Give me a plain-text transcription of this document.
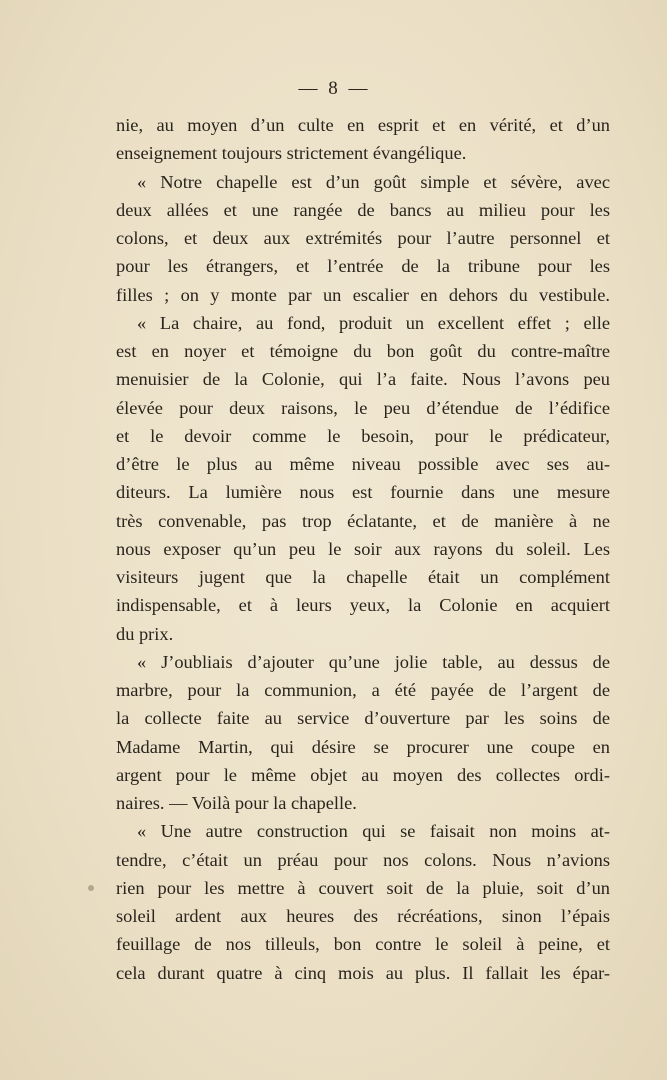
— 8 —
nie, au moyen d’un culte en esprit et en vérité, et d’un
enseignement toujours strictement évangélique.
« Notre chapelle est d’un goût simple et sévère, avec
deux allées et une rangée de bancs au milieu pour les
colons, et deux aux extrémités pour l’autre personnel et
pour les étrangers, et l’entrée de la tribune pour les
filles ; on y monte par un escalier en dehors du vestibule.
« La chaire, au fond, produit un excellent effet ; elle
est en noyer et témoigne du bon goût du contre-maître
menuisier de la Colonie, qui l’a faite. Nous l’avons peu
élevée pour deux raisons, le peu d’étendue de l’édifice
et le devoir comme le besoin, pour le prédicateur,
d’être le plus au même niveau possible avec ses au-
diteurs. La lumière nous est fournie dans une mesure
très convenable, pas trop éclatante, et de manière à ne
nous exposer qu’un peu le soir aux rayons du soleil. Les
visiteurs jugent que la chapelle était un complément
indispensable, et à leurs yeux, la Colonie en acquiert
du prix.
« J’oubliais d’ajouter qu’une jolie table, au dessus de
marbre, pour la communion, a été payée de l’argent de
la collecte faite au service d’ouverture par les soins de
Madame Martin, qui désire se procurer une coupe en
argent pour le même objet au moyen des collectes ordi-
naires. — Voilà pour la chapelle.
« Une autre construction qui se faisait non moins at-
tendre, c’était un préau pour nos colons. Nous n’avions
rien pour les mettre à couvert soit de la pluie, soit d’un
soleil ardent aux heures des récréations, sinon l’épais
feuillage de nos tilleuls, bon contre le soleil à peine, et
cela durant quatre à cinq mois au plus. Il fallait les épar-
